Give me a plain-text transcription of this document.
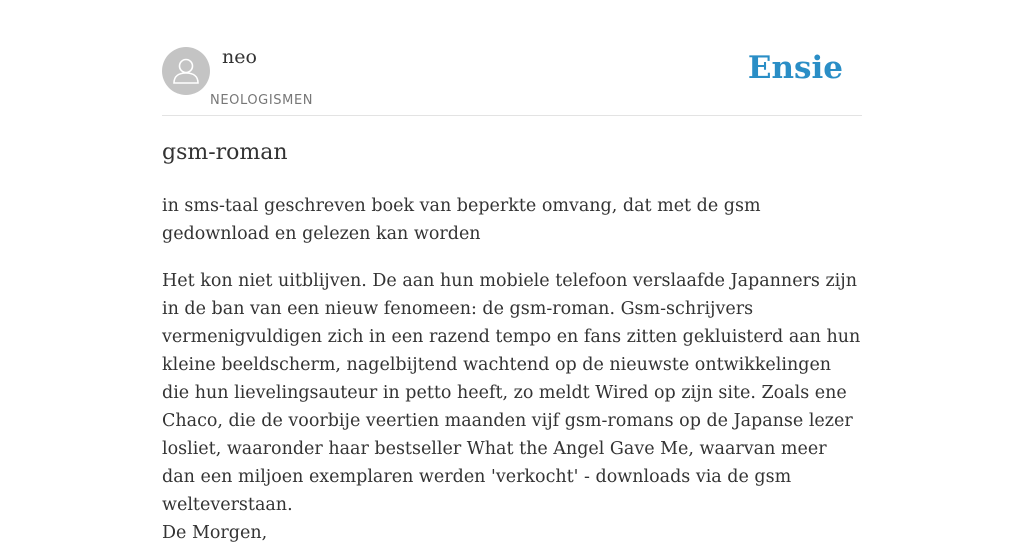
neo
NEOLOGISMEN
Ensie
gsm-roman

in sms-taal geschreven boek van beperkte omvang, dat met de gsm gedownload en gelezen kan worden

Het kon niet uitblijven. De aan hun mobiele telefoon verslaafde Japanners zijn in de ban van een nieuw fenomeen: de gsm-roman. Gsm-schrijvers vermenigvuldigen zich in een razend tempo en fans zitten gekluisterd aan hun kleine beeldscherm, nagelbijtend wachtend op de nieuwste ontwikkelingen die hun lievelingsauteur in petto heeft, zo meldt Wired op zijn site. Zoals ene Chaco, die de voorbije veertien maanden vijf gsm-romans op de Japanse lezer losliet, waaronder haar bestseller What the Angel Gave Me, waarvan meer dan een miljoen exemplaren werden 'verkocht' - downloads via de gsm welteverstaan.
De Morgen,
